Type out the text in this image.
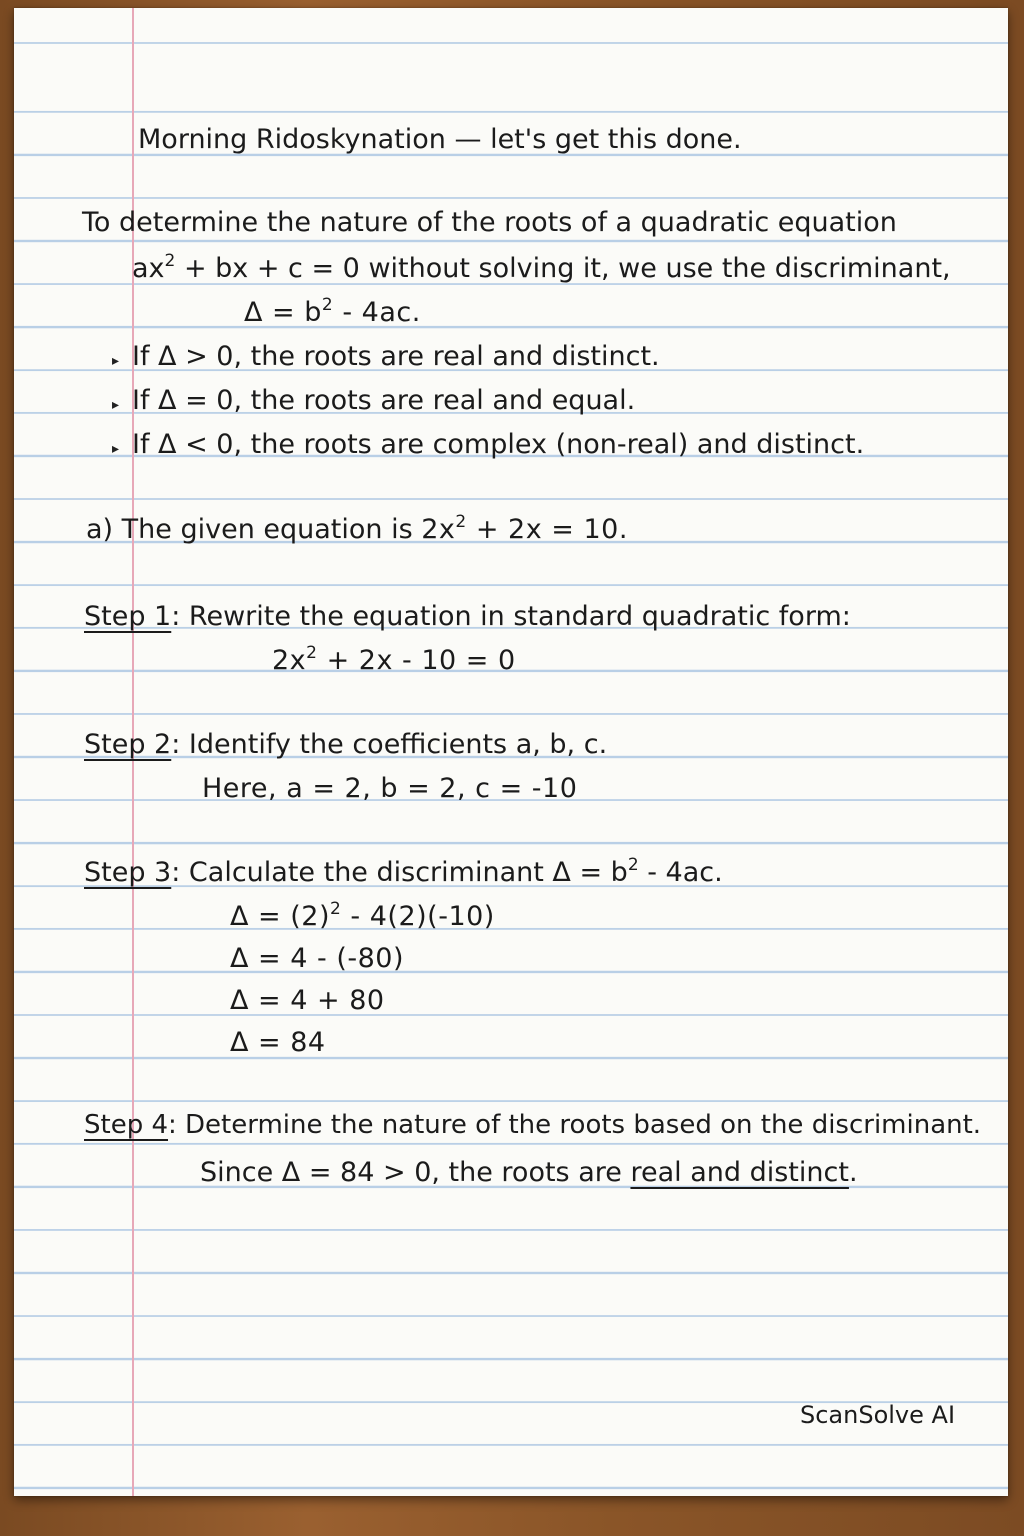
Morning Ridoskynation — let's get this done.
To determine the nature of the roots of a quadratic equation
$ax^2$ + bx + c = 0 without solving it, we use the discriminant,
$\Delta = b^2 - 4ac$.
▸ If Δ > 0, the roots are real and distinct.
▸ If Δ = 0, the roots are real and equal.
▸ If Δ < 0, the roots are complex (non-real) and distinct.
a) The given equation is $2x^2 + 2x = 10$.
Step 1: Rewrite the equation in standard quadratic form:
$2x^2 + 2x - 10 = 0$
Step 2: Identify the coefficients a, b, c.
Here, a = 2, b = 2, c = -10
Step 3: Calculate the discriminant $\Delta = b^2 - 4ac$.
$\Delta = (2)^2 - 4(2)(-10)$
Δ = 4 - (-80)
Δ = 4 + 80
Δ = 84
Step 4: Determine the nature of the roots based on the discriminant.
Since Δ = 84 > 0, the roots are real and distinct.
ScanSolve AI
